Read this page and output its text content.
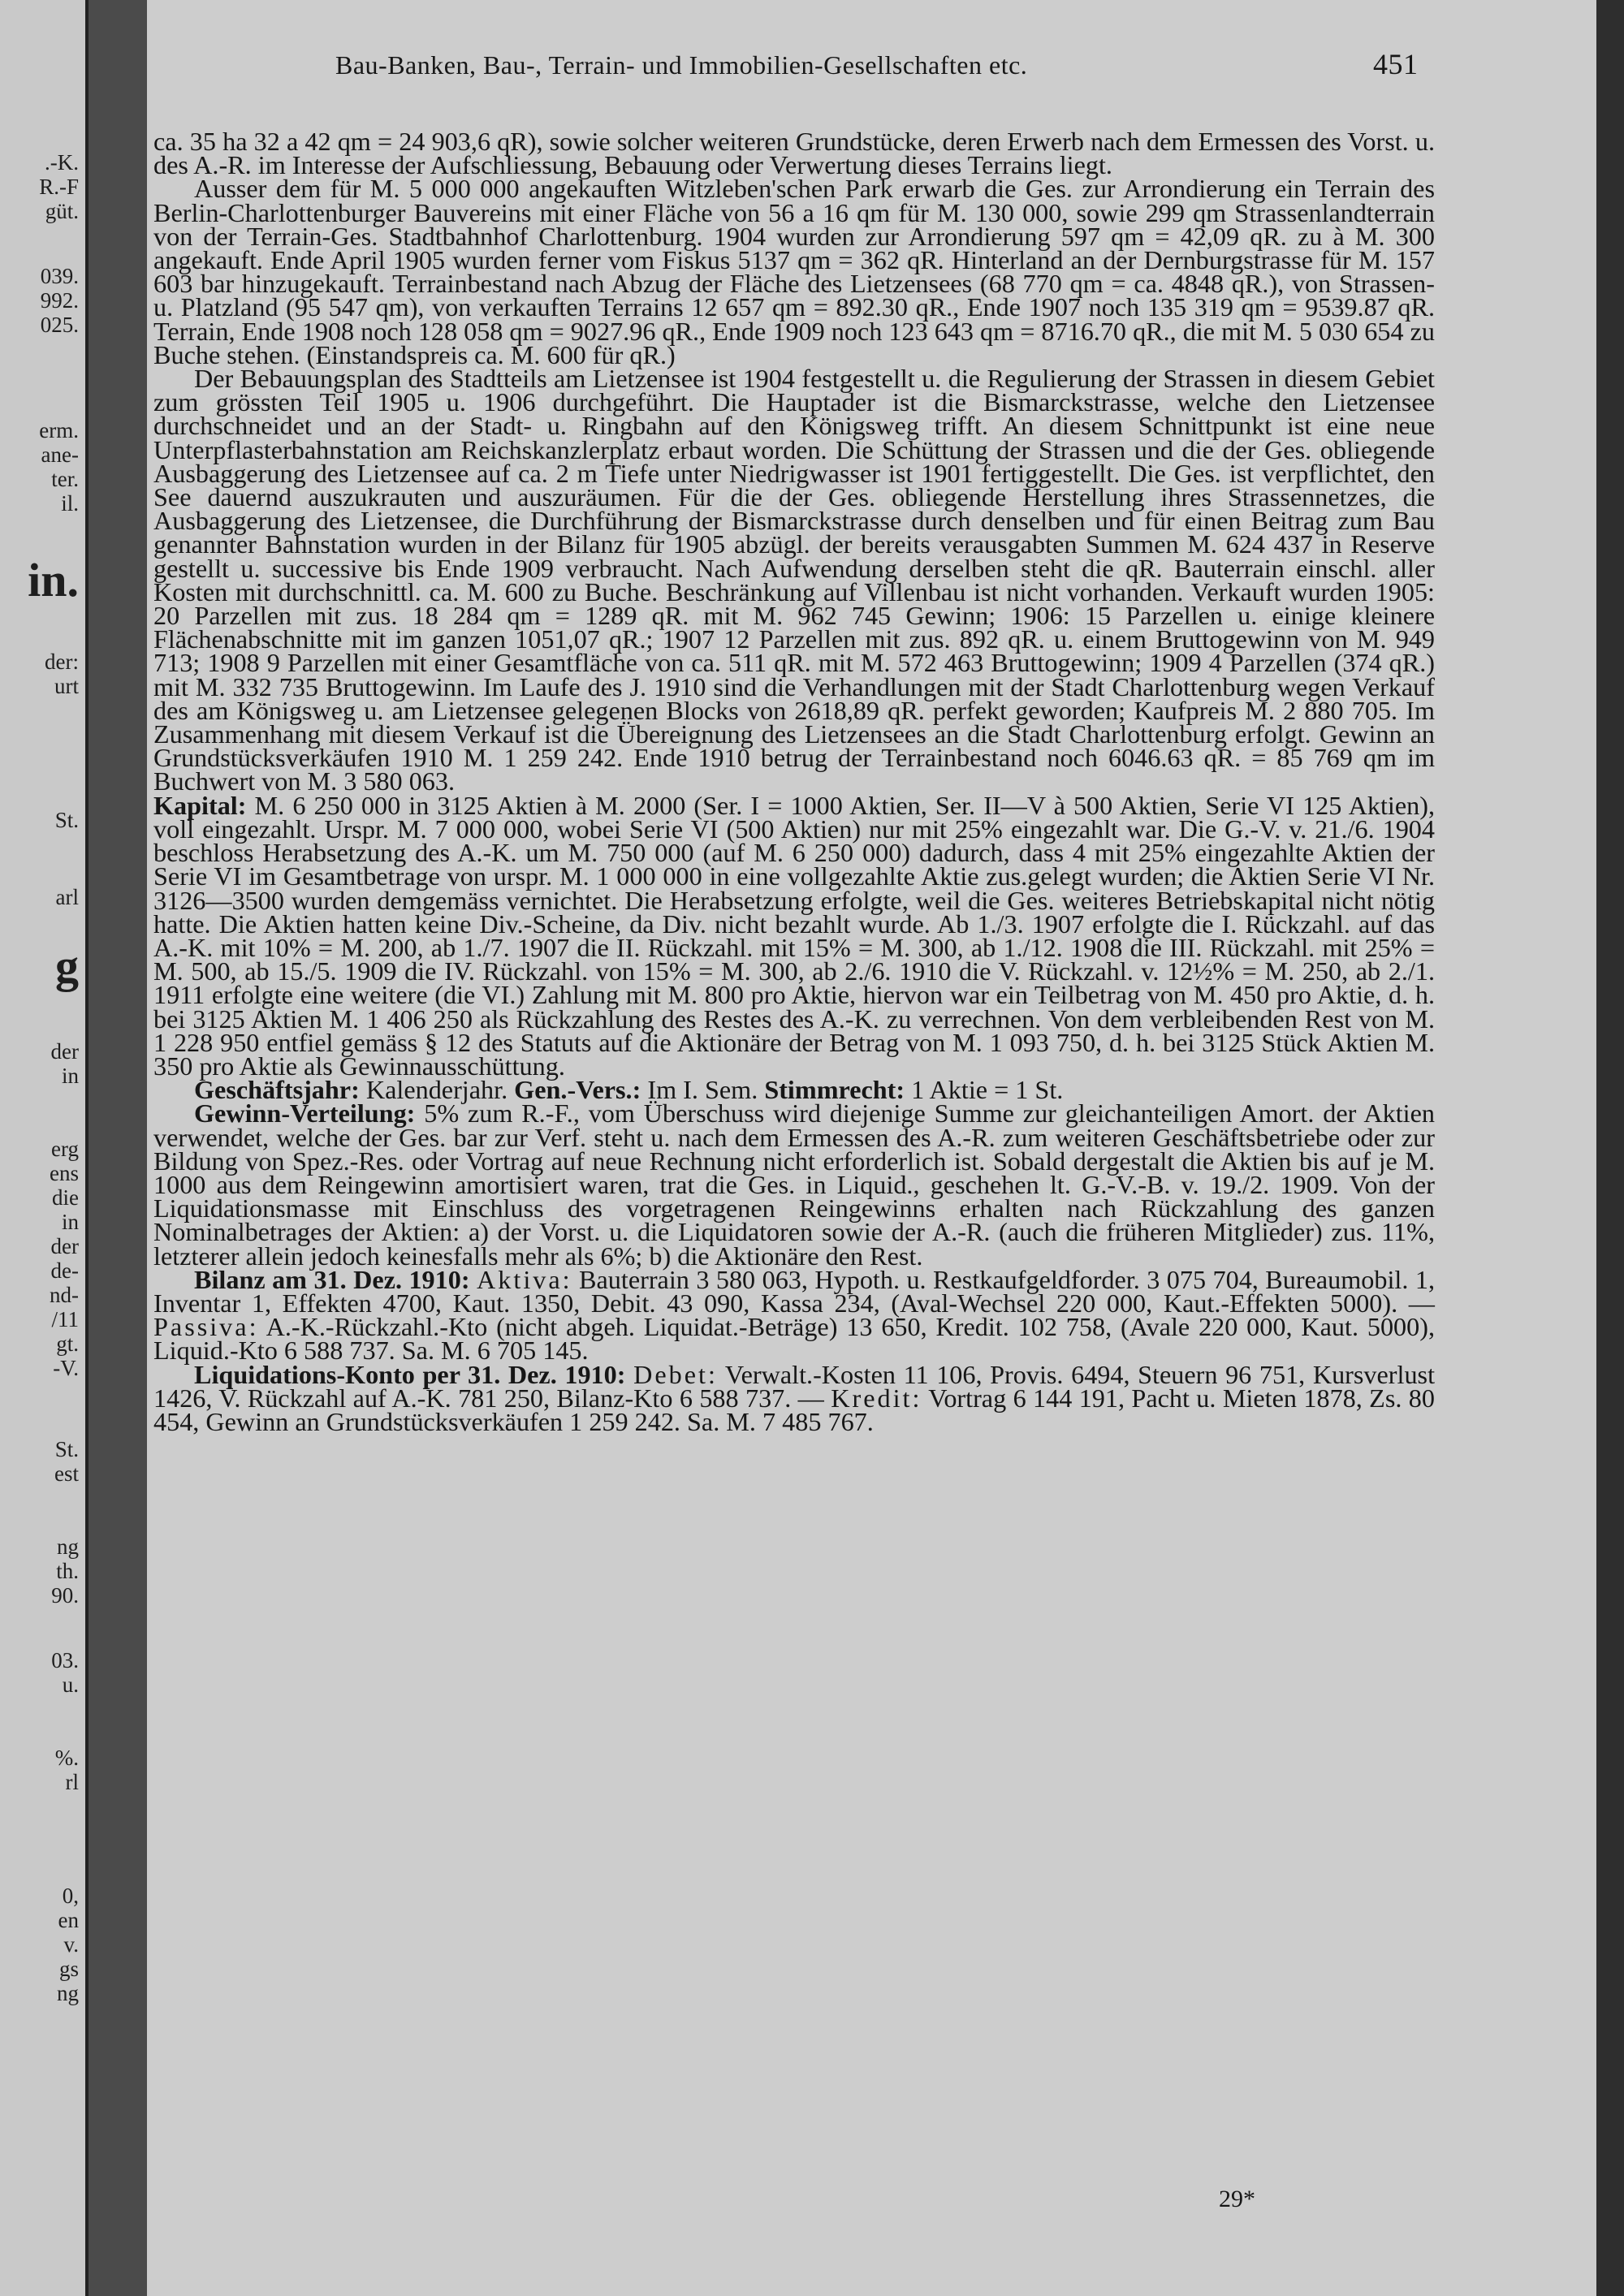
.-K.
R.-F
güt.
039.
992.
025.
erm.
ane-
ter.
il.
in.
der:
urt
St.
arl
g
der
in
erg
ens
die
in
der
de-
nd-
/11
gt.
-V.
St.
est
ng
th.
90.
03.
u.
%.
rl
0,
en
v.
gs
ng
Bau-Banken, Bau-, Terrain- und Immobilien-Gesellschaften etc.	451

ca. 35 ha 32 a 42 qm = 24 903,6 qR), sowie solcher weiteren Grundstücke, deren Erwerb nach dem Ermessen des Vorst. u. des A.-R. im Interesse der Aufschliessung, Bebauung oder Verwertung dieses Terrains liegt.

Ausser dem für M. 5 000 000 angekauften Witzleben'schen Park erwarb die Ges. zur Arrondierung ein Terrain des Berlin-Charlottenburger Bauvereins mit einer Fläche von 56 a 16 qm für M. 130 000, sowie 299 qm Strassenlandterrain von der Terrain-Ges. Stadtbahnhof Charlottenburg. 1904 wurden zur Arrondierung 597 qm = 42,09 qR. zu à M. 300 angekauft. Ende April 1905 wurden ferner vom Fiskus 5137 qm = 362 qR. Hinterland an der Dernburgstrasse für M. 157 603 bar hinzugekauft. Terrainbestand nach Abzug der Fläche des Lietzensees (68 770 qm = ca. 4848 qR.), von Strassen- u. Platzland (95 547 qm), von verkauften Terrains 12 657 qm = 892.30 qR., Ende 1907 noch 135 319 qm = 9539.87 qR. Terrain, Ende 1908 noch 128 058 qm = 9027.96 qR., Ende 1909 noch 123 643 qm = 8716.70 qR., die mit M. 5 030 654 zu Buche stehen. (Einstandspreis ca. M. 600 für qR.)

Der Bebauungsplan des Stadtteils am Lietzensee ist 1904 festgestellt u. die Regulierung der Strassen in diesem Gebiet zum grössten Teil 1905 u. 1906 durchgeführt. Die Hauptader ist die Bismarckstrasse, welche den Lietzensee durchschneidet und an der Stadt- u. Ringbahn auf den Königsweg trifft. An diesem Schnittpunkt ist eine neue Unterpflasterbahnstation am Reichskanzlerplatz erbaut worden. Die Schüttung der Strassen und die der Ges. obliegende Ausbaggerung des Lietzensee auf ca. 2 m Tiefe unter Niedrigwasser ist 1901 fertiggestellt. Die Ges. ist verpflichtet, den See dauernd auszukrauten und auszuräumen. Für die der Ges. obliegende Herstellung ihres Strassennetzes, die Ausbaggerung des Lietzensee, die Durchführung der Bismarckstrasse durch denselben und für einen Beitrag zum Bau genannter Bahnstation wurden in der Bilanz für 1905 abzügl. der bereits verausgabten Summen M. 624 437 in Reserve gestellt u. successive bis Ende 1909 verbraucht. Nach Aufwendung derselben steht die qR. Bauterrain einschl. aller Kosten mit durchschnittl. ca. M. 600 zu Buche. Beschränkung auf Villenbau ist nicht vorhanden. Verkauft wurden 1905: 20 Parzellen mit zus. 18 284 qm = 1289 qR. mit M. 962 745 Gewinn; 1906: 15 Parzellen u. einige kleinere Flächenabschnitte mit im ganzen 1051,07 qR.; 1907 12 Parzellen mit zus. 892 qR. u. einem Bruttogewinn von M. 949 713; 1908 9 Parzellen mit einer Gesamtfläche von ca. 511 qR. mit M. 572 463 Bruttogewinn; 1909 4 Parzellen (374 qR.) mit M. 332 735 Bruttogewinn. Im Laufe des J. 1910 sind die Verhandlungen mit der Stadt Charlottenburg wegen Verkauf des am Königsweg u. am Lietzensee gelegenen Blocks von 2618,89 qR. perfekt geworden; Kaufpreis M. 2 880 705. Im Zusammenhang mit diesem Verkauf ist die Übereignung des Lietzensees an die Stadt Charlottenburg erfolgt. Gewinn an Grundstücksverkäufen 1910 M. 1 259 242. Ende 1910 betrug der Terrainbestand noch 6046.63 qR. = 85 769 qm im Buchwert von M. 3 580 063.

Kapital: M. 6 250 000 in 3125 Aktien à M. 2000 (Ser. I = 1000 Aktien, Ser. II—V à 500 Aktien, Serie VI 125 Aktien), voll eingezahlt. Urspr. M. 7 000 000, wobei Serie VI (500 Aktien) nur mit 25% eingezahlt war. Die G.-V. v. 21./6. 1904 beschloss Herabsetzung des A.-K. um M. 750 000 (auf M. 6 250 000) dadurch, dass 4 mit 25% eingezahlte Aktien der Serie VI im Gesamtbetrage von urspr. M. 1 000 000 in eine vollgezahlte Aktie zus.gelegt wurden; die Aktien Serie VI Nr. 3126—3500 wurden demgemäss vernichtet. Die Herabsetzung erfolgte, weil die Ges. weiteres Betriebskapital nicht nötig hatte. Die Aktien hatten keine Div.-Scheine, da Div. nicht bezahlt wurde. Ab 1./3. 1907 erfolgte die I. Rückzahl. auf das A.-K. mit 10% = M. 200, ab 1./7. 1907 die II. Rückzahl. mit 15% = M. 300, ab 1./12. 1908 die III. Rückzahl. mit 25% = M. 500, ab 15./5. 1909 die IV. Rückzahl. von 15% = M. 300, ab 2./6. 1910 die V. Rückzahl. v. 12½% = M. 250, ab 2./1. 1911 erfolgte eine weitere (die VI.) Zahlung mit M. 800 pro Aktie, hiervon war ein Teilbetrag von M. 450 pro Aktie, d. h. bei 3125 Aktien M. 1 406 250 als Rückzahlung des Restes des A.-K. zu verrechnen. Von dem verbleibenden Rest von M. 1 228 950 entfiel gemäss § 12 des Statuts auf die Aktionäre der Betrag von M. 1 093 750, d. h. bei 3125 Stück Aktien M. 350 pro Aktie als Gewinnausschüttung.

Geschäftsjahr: Kalenderjahr. Gen.-Vers.: Im I. Sem. Stimmrecht: 1 Aktie = 1 St.

Gewinn-Verteilung: 5% zum R.-F., vom Überschuss wird diejenige Summe zur gleichanteiligen Amort. der Aktien verwendet, welche der Ges. bar zur Verf. steht u. nach dem Ermessen des A.-R. zum weiteren Geschäftsbetriebe oder zur Bildung von Spez.-Res. oder Vortrag auf neue Rechnung nicht erforderlich ist. Sobald dergestalt die Aktien bis auf je M. 1000 aus dem Reingewinn amortisiert waren, trat die Ges. in Liquid., geschehen lt. G.-V.-B. v. 19./2. 1909. Von der Liquidationsmasse mit Einschluss des vorgetragenen Reingewinns erhalten nach Rückzahlung des ganzen Nominalbetrages der Aktien: a) der Vorst. u. die Liquidatoren sowie der A.-R. (auch die früheren Mitglieder) zus. 11%, letzterer allein jedoch keinesfalls mehr als 6%; b) die Aktionäre den Rest.

Bilanz am 31. Dez. 1910: Aktiva: Bauterrain 3 580 063, Hypoth. u. Restkaufgeldforder. 3 075 704, Bureaumobil. 1, Inventar 1, Effekten 4700, Kaut. 1350, Debit. 43 090, Kassa 234, (Aval-Wechsel 220 000, Kaut.-Effekten 5000). — Passiva: A.-K.-Rückzahl.-Kto (nicht abgeh. Liquidat.-Beträge) 13 650, Kredit. 102 758, (Avale 220 000, Kaut. 5000), Liquid.-Kto 6 588 737. Sa. M. 6 705 145.

Liquidations-Konto per 31. Dez. 1910: Debet: Verwalt.-Kosten 11 106, Provis. 6494, Steuern 96 751, Kursverlust 1426, V. Rückzahl auf A.-K. 781 250, Bilanz-Kto 6 588 737. — Kredit: Vortrag 6 144 191, Pacht u. Mieten 1878, Zs. 80 454, Gewinn an Grundstücksverkäufen 1 259 242. Sa. M. 7 485 767.

29*
